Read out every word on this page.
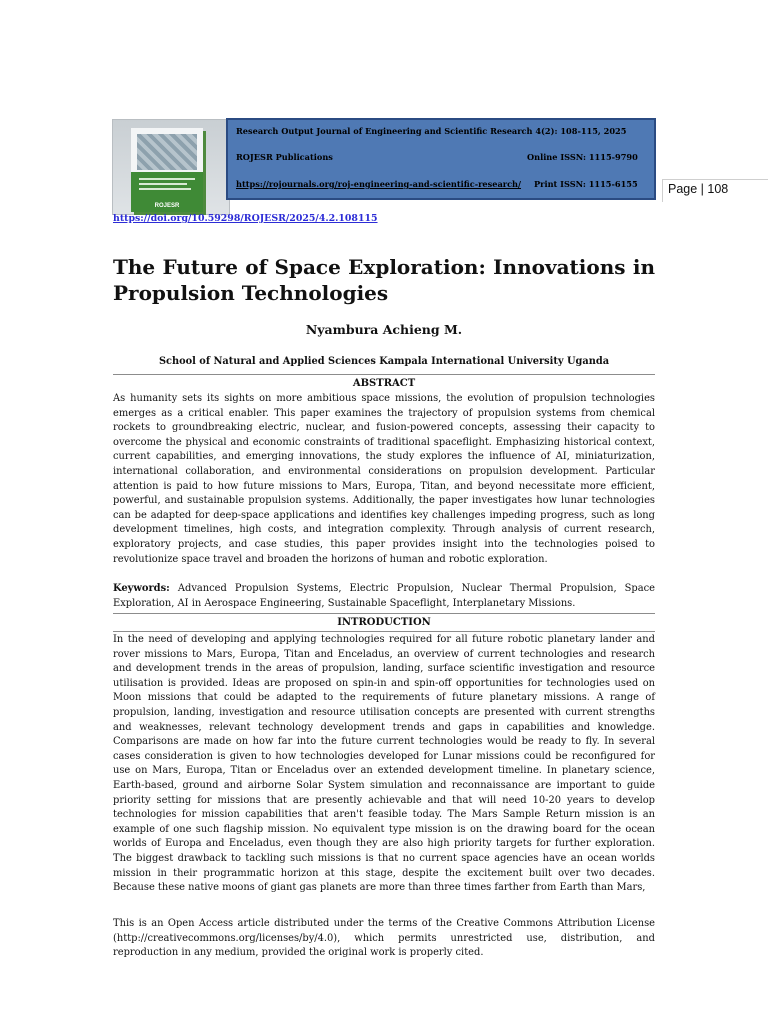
ROJESR
Research Output Journal of Engineering and Scientific Research 4(2): 108-115, 2025
ROJESR Publications	Online ISSN: 1115-9790
https://rojournals.org/roj-engineering-and-scientific-research/ Print ISSN: 1115-6155 Page | 108
https://doi.org/10.59298/ROJESR/2025/4.2.108115
The Future of Space Exploration: Innovations in Propulsion Technologies
Nyambura Achieng M.
School of Natural and Applied Sciences Kampala International University Uganda
ABSTRACT

As humanity sets its sights on more ambitious space missions, the evolution of propulsion technologies emerges as a critical enabler. This paper examines the trajectory of propulsion systems from chemical rockets to groundbreaking electric, nuclear, and fusion-powered concepts, assessing their capacity to overcome the physical and economic constraints of traditional spaceflight. Emphasizing historical context, current capabilities, and emerging innovations, the study explores the influence of AI, miniaturization, international collaboration, and environmental considerations on propulsion development. Particular attention is paid to how future missions to Mars, Europa, Titan, and beyond necessitate more efficient, powerful, and sustainable propulsion systems. Additionally, the paper investigates how lunar technologies can be adapted for deep-space applications and identifies key challenges impeding progress, such as long development timelines, high costs, and integration complexity. Through analysis of current research, exploratory projects, and case studies, this paper provides insight into the technologies poised to revolutionize space travel and broaden the horizons of human and robotic exploration.

Keywords: Advanced Propulsion Systems, Electric Propulsion, Nuclear Thermal Propulsion, Space Exploration, AI in Aerospace Engineering, Sustainable Spaceflight, Interplanetary Missions.

INTRODUCTION

In the need of developing and applying technologies required for all future robotic planetary lander and rover missions to Mars, Europa, Titan and Enceladus, an overview of current technologies and research and development trends in the areas of propulsion, landing, surface scientific investigation and resource utilisation is provided. Ideas are proposed on spin-in and spin-off opportunities for technologies used on Moon missions that could be adapted to the requirements of future planetary missions. A range of propulsion, landing, investigation and resource utilisation concepts are presented with current strengths and weaknesses, relevant technology development trends and gaps in capabilities and knowledge. Comparisons are made on how far into the future current technologies would be ready to fly. In several cases consideration is given to how technologies developed for Lunar missions could be reconfigured for use on Mars, Europa, Titan or Enceladus over an extended development timeline. In planetary science, Earth-based, ground and airborne Solar System simulation and reconnaissance are important to guide priority setting for missions that are presently achievable and that will need 10-20 years to develop technologies for mission capabilities that aren't feasible today. The Mars Sample Return mission is an example of one such flagship mission. No equivalent type mission is on the drawing board for the ocean worlds of Europa and Enceladus, even though they are also high priority targets for further exploration. The biggest drawback to tackling such missions is that no current space agencies have an ocean worlds mission in their programmatic horizon at this stage, despite the excitement built over two decades. Because these native moons of giant gas planets are more than three times farther from Earth than Mars,

This is an Open Access article distributed under the terms of the Creative Commons Attribution License (http://creativecommons.org/licenses/by/4.0), which permits unrestricted use, distribution, and reproduction in any medium, provided the original work is properly cited.
